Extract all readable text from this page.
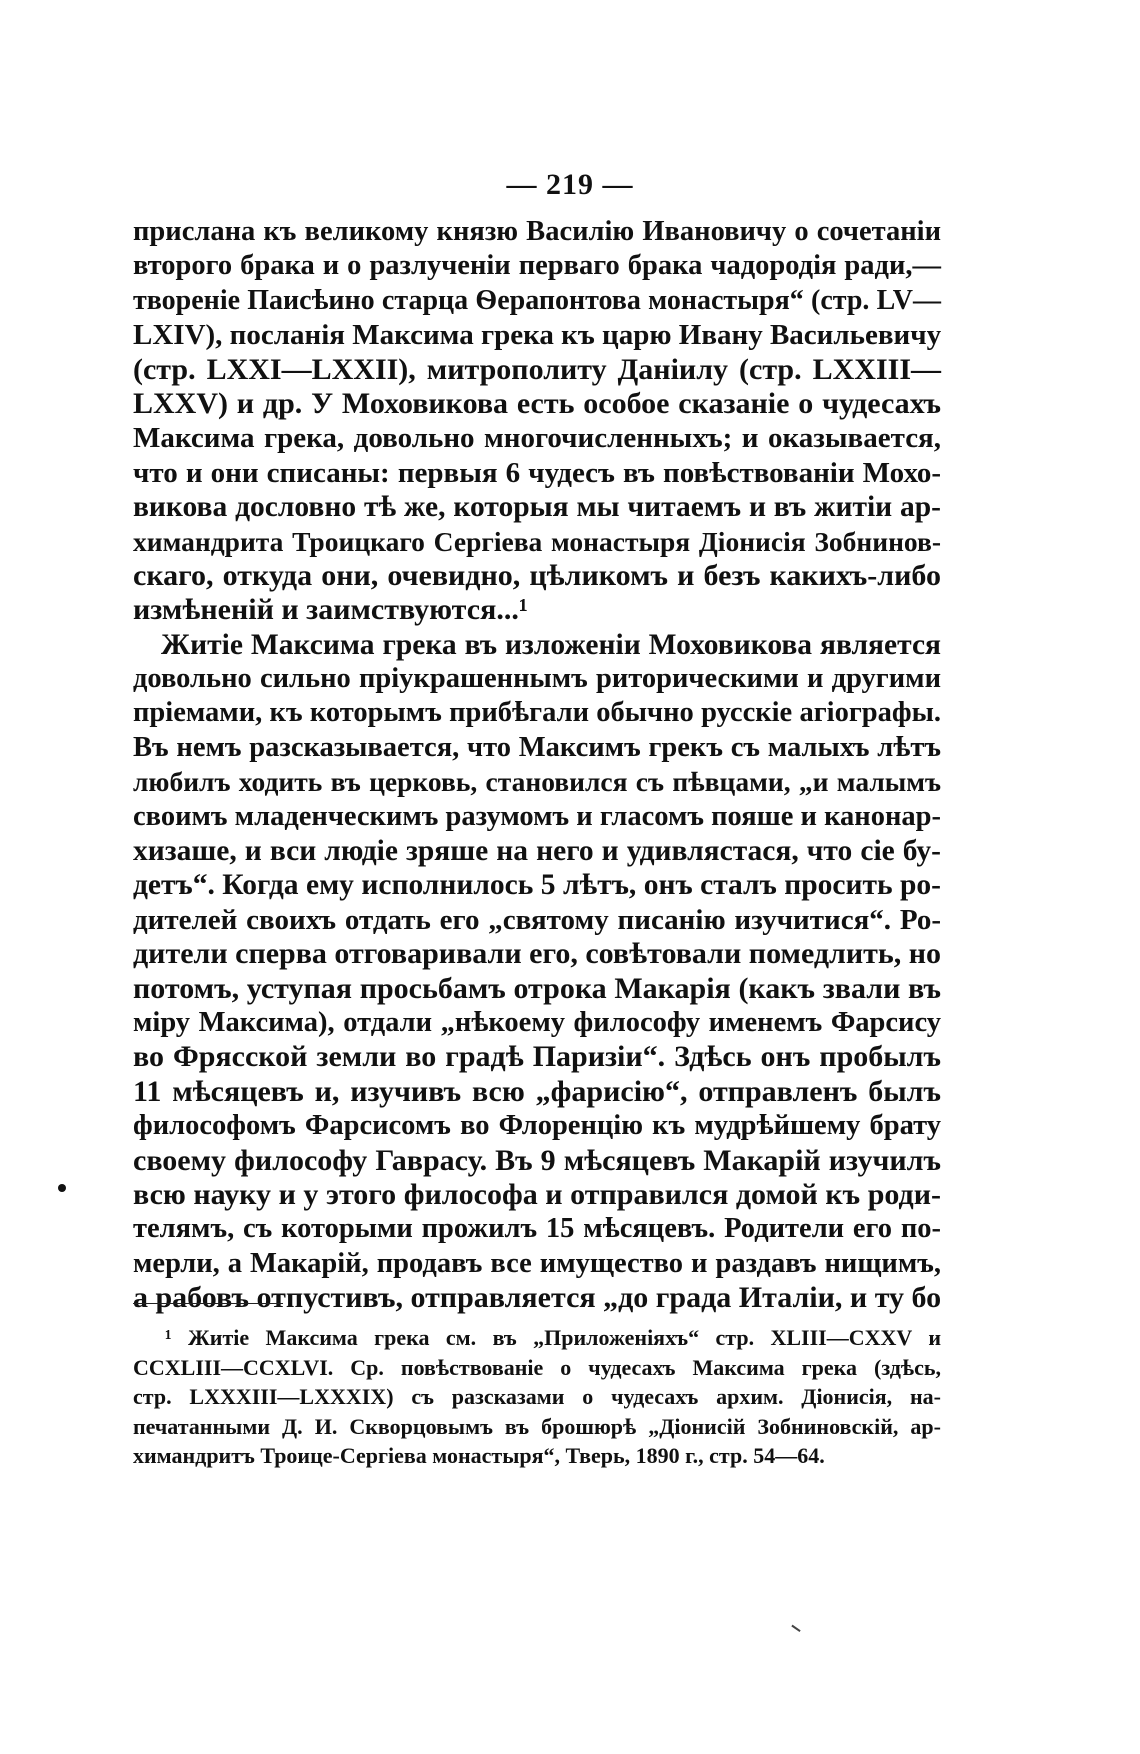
— 219 —
прислана къ великому князю Василію Ивановичу о сочетаніи
второго брака и о разлученіи перваго брака чадородія ради,—
твореніе Паисѣино старца Ѳерапонтова монастыря“ (стр. LV—
LXIV), посланія Максима грека къ царю Ивану Васильевичу
(стр. LXXI—LXXII), митрополиту Даніилу (стр. LXXIII—
LXXV) и др. У Моховикова есть особое сказаніе о чудесахъ
Максима грека, довольно многочисленныхъ; и оказывается,
что и они списаны: первыя 6 чудесъ въ повѣствованіи Мохо-
викова дословно тѣ же, которыя мы читаемъ и въ житіи ар-
химандрита Троицкаго Сергіева монастыря Діонисія Зобнинов-
скаго, откуда они, очевидно, цѣликомъ и безъ какихъ-либо
измѣненій и заимствуются...¹
Житіе Максима грека въ изложеніи Моховикова является
довольно сильно пріукрашеннымъ риторическими и другими
пріемами, къ которымъ прибѣгали обычно русскіе агіографы.
Въ немъ разсказывается, что Максимъ грекъ съ малыхъ лѣтъ
любилъ ходить въ церковь, становился съ пѣвцами, „и малымъ
своимъ младенческимъ разумомъ и гласомъ пояше и канонар-
хизаше, и вси людіе зряше на него и удивлястася, что сіе бу-
детъ“. Когда ему исполнилось 5 лѣтъ, онъ сталъ просить ро-
дителей своихъ отдать его „святому писанію изучитися“. Ро-
дители сперва отговаривали его, совѣтовали помедлить, но
потомъ, уступая просьбамъ отрока Макарія (какъ звали въ
міру Максима), отдали „нѣкоему философу именемъ Фарсису
во Фрясской земли во градѣ Паризіи“. Здѣсь онъ пробылъ
11 мѣсяцевъ и, изучивъ всю „фарисію“, отправленъ былъ
философомъ Фарсисомъ во Флоренцію къ мудрѣйшему брату
своему философу Гаврасу. Въ 9 мѣсяцевъ Макарій изучилъ
всю науку и у этого философа и отправился домой къ роди-
телямъ, съ которыми прожилъ 15 мѣсяцевъ. Родители его по-
мерли, а Макарій, продавъ все имущество и раздавъ нищимъ,
а рабовъ отпустивъ, отправляется „до града Италіи, и ту бо
¹ Житіе Максима грека см. въ „Приложеніяхъ“ стр. XLIII—CXXV и
CCXLIII—CCXLVI. Ср. повѣствованіе о чудесахъ Максима грека (здѣсь,
стр. LXXXIII—LXXXIX) съ разсказами о чудесахъ архим. Діонисія, на-
печатанными Д. И. Скворцовымъ въ брошюрѣ „Діонисій Зобниновскій, ар-
химандритъ Троице-Сергіева монастыря“, Тверь, 1890 г., стр. 54—64.
